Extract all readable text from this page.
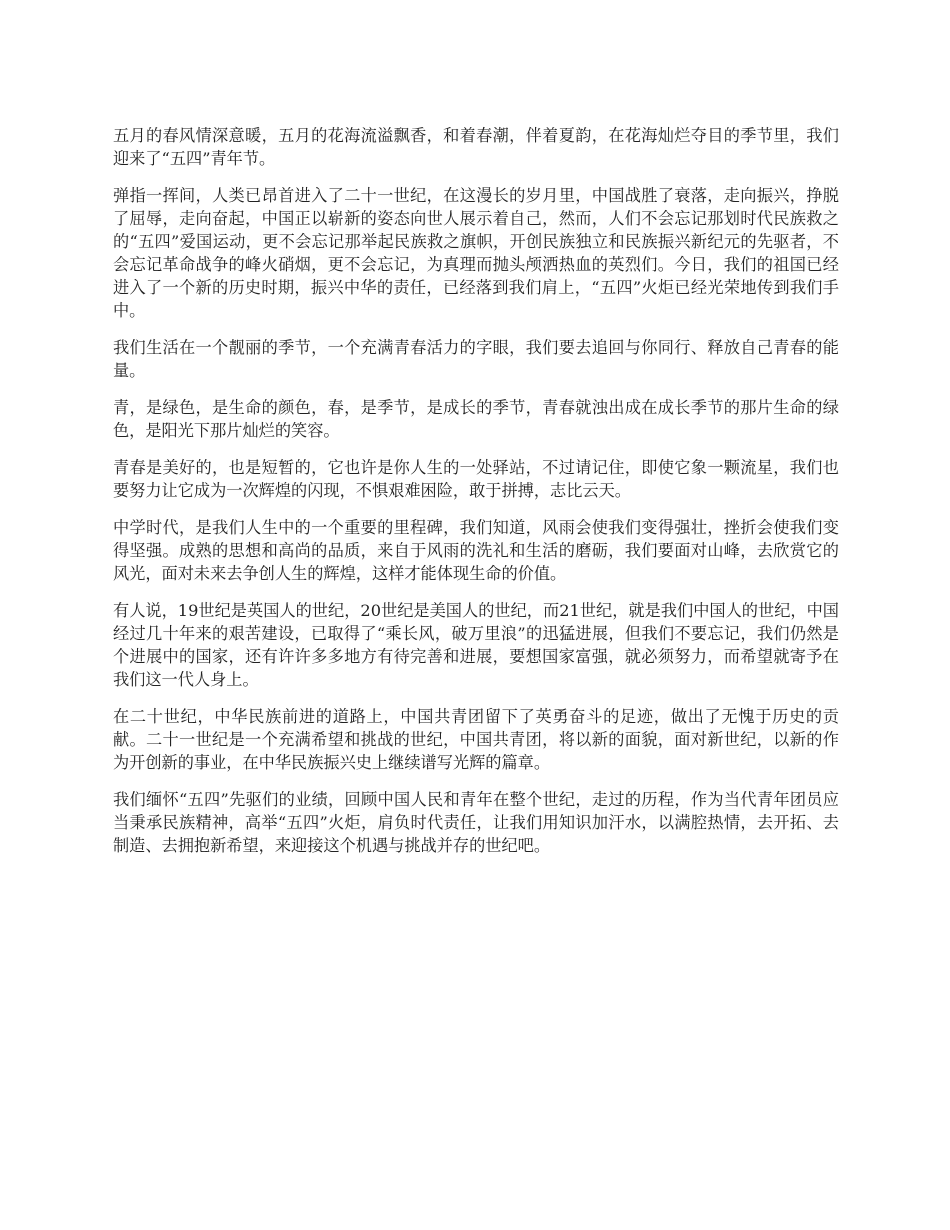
五月的春风情深意暖，五月的花海流溢飘香，和着春潮，伴着夏韵，在花海灿烂夺目的季节里，我们迎来了“五四”青年节。

弹指一挥间，人类已昂首进入了二十一世纪，在这漫长的岁月里，中国战胜了衰落，走向振兴，挣脱了屈辱，走向奋起，中国正以崭新的姿态向世人展示着自己，然而，人们不会忘记那划时代民族救之的“五四”爱国运动，更不会忘记那举起民族救之旗帜，开创民族独立和民族振兴新纪元的先驱者，不会忘记革命战争的峰火硝烟，更不会忘记，为真理而抛头颅洒热血的英烈们。今日，我们的祖国已经进入了一个新的历史时期，振兴中华的责任，已经落到我们肩上，“五四”火炬已经光荣地传到我们手中。

我们生活在一个靓丽的季节，一个充满青春活力的字眼，我们要去追回与你同行、释放自己青春的能量。

青，是绿色，是生命的颜色，春，是季节，是成长的季节，青春就浊出成在成长季节的那片生命的绿色，是阳光下那片灿烂的笑容。

青春是美好的，也是短暂的，它也许是你人生的一处驿站，不过请记住，即使它象一颗流星，我们也要努力让它成为一次辉煌的闪现，不惧艰难困险，敢于拼搏，志比云天。

中学时代，是我们人生中的一个重要的里程碑，我们知道，风雨会使我们变得强壮，挫折会使我们变得坚强。成熟的思想和高尚的品质，来自于风雨的洗礼和生活的磨砺，我们要面对山峰，去欣赏它的风光，面对未来去争创人生的辉煌，这样才能体现生命的价值。

有人说，19世纪是英国人的世纪，20世纪是美国人的世纪，而21世纪，就是我们中国人的世纪，中国经过几十年来的艰苦建设，已取得了“乘长风，破万里浪”的迅猛进展，但我们不要忘记，我们仍然是个进展中的国家，还有许许多多地方有待完善和进展，要想国家富强，就必须努力，而希望就寄予在我们这一代人身上。

在二十世纪，中华民族前进的道路上，中国共青团留下了英勇奋斗的足迹，做出了无愧于历史的贡献。二十一世纪是一个充满希望和挑战的世纪，中国共青团，将以新的面貌，面对新世纪，以新的作为开创新的事业，在中华民族振兴史上继续谱写光辉的篇章。

我们缅怀“五四”先驱们的业绩，回顾中国人民和青年在整个世纪，走过的历程，作为当代青年团员应当秉承民族精神，高举“五四”火炬，肩负时代责任，让我们用知识加汗水，以满腔热情，去开拓、去制造、去拥抱新希望，来迎接这个机遇与挑战并存的世纪吧。
